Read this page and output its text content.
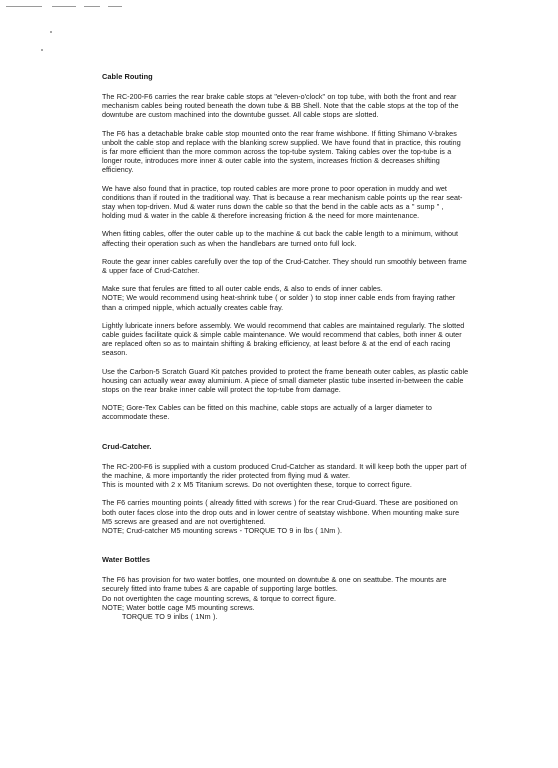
Cable Routing
The RC-200-F6 carries the rear brake cable stops at "eleven-o'clock" on top tube, with both the front and rear
mechanism cables being routed beneath the down tube & BB Shell. Note that the cable stops at the top of the
downtube are custom machined into the downtube gusset. All cable stops are slotted.
The F6 has a detachable brake cable stop mounted onto the rear frame wishbone. If fitting Shimano V-brakes
unbolt the cable stop and replace with the blanking screw supplied. We have found that in practice, this routing
is far more efficient than the more common across the top-tube system. Taking cables over the top-tube is a
longer route, introduces more inner & outer cable into the system, increases friction & decreases shifting
efficiency.
We have also found that in practice, top routed cables are more prone to poor operation in muddy and wet
conditions than if routed in the traditional way. That is because a rear mechanism cable points up the rear seat-
stay when top-driven. Mud & water runs down the cable so that the bend in the cable acts as a " sump " ,
holding mud & water in the cable & therefore increasing friction & the need for more maintenance.
When fitting cables, offer the outer cable up to the machine & cut back the cable length to a minimum, without
affecting their operation such as when the handlebars are turned onto full lock.
Route the gear inner cables carefully over the top of the Crud-Catcher. They should run smoothly between frame
& upper face of Crud-Catcher.
Make sure that ferules are fitted to all outer cable ends, & also to ends of inner cables.
NOTE; We would recommend using heat-shrink tube ( or solder ) to stop inner cable ends from fraying rather
than a crimped nipple, which actually creates cable fray.
Lightly lubricate inners before assembly. We would recommend that cables are maintained regularly. The slotted
cable guides facilitate quick & simple cable maintenance. We would recommend that cables, both inner & outer
are replaced often so as to maintain shifting & braking efficiency, at least before & at the end of each racing
season.
Use the Carbon-5 Scratch Guard Kit patches provided to protect the frame beneath outer cables, as plastic cable
housing can actually wear away aluminium. A piece of small diameter plastic tube inserted in-between the cable
stops on the rear brake inner cable will protect the top-tube from damage.
NOTE; Gore-Tex Cables can be fitted on this machine, cable stops are actually of a larger diameter to
accommodate these.
Crud-Catcher.
The RC-200-F6 is supplied with a custom produced Crud-Catcher as standard. It will keep both the upper part of
the machine, & more importantly the rider protected from flying mud & water.
This is mounted with 2 x M5 Titanium screws. Do not overtighten these, torque to correct figure.
The F6 carries mounting points ( already fitted with screws ) for the rear Crud-Guard. These are positioned on
both outer faces close into the drop outs and in lower centre of seatstay wishbone. When mounting make sure
M5 screws are greased and are not overtightened.
NOTE; Crud-catcher M5 mounting screws - TORQUE TO 9 in lbs ( 1Nm ).
Water Bottles
The F6 has provision for two water bottles, one mounted on downtube & one on seattube. The mounts are
securely fitted into frame tubes & are capable of supporting large bottles.
Do not overtighten the cage mounting screws, & torque to correct figure.
NOTE; Water bottle cage M5 mounting screws.
TORQUE TO 9 inlbs ( 1Nm ).
